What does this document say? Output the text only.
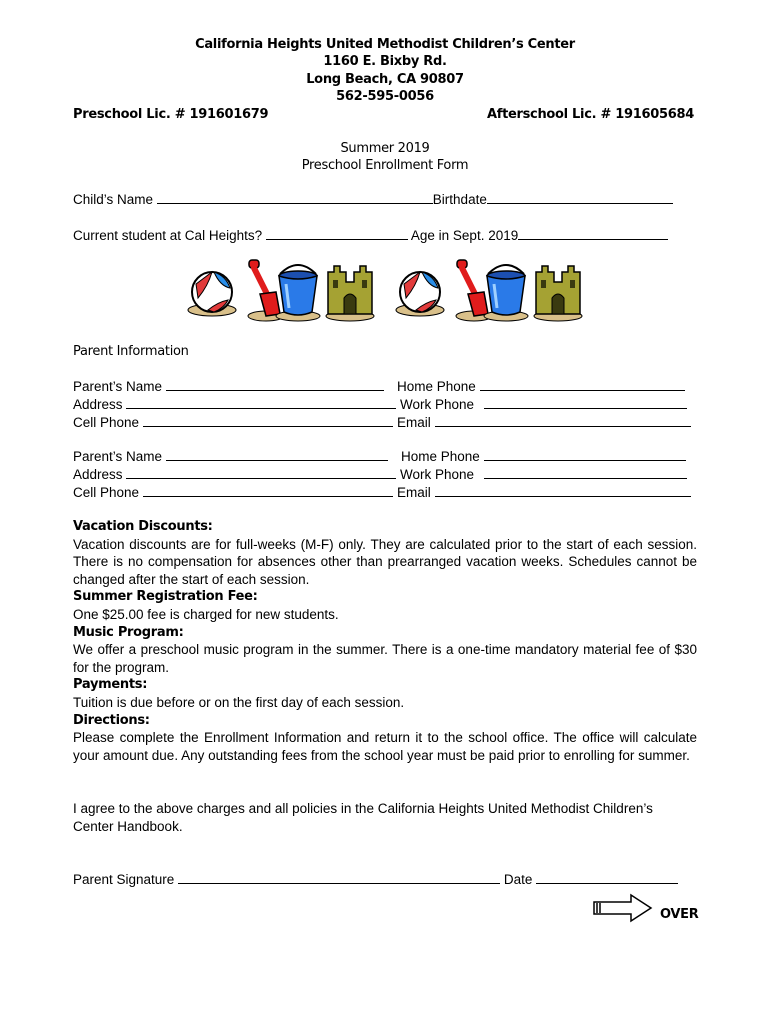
California Heights United Methodist Children’s Center
1160 E. Bixby Rd.
Long Beach, CA 90807
562-595-0056
Preschool Lic. # 191601679	Afterschool Lic. # 191605684
Summer 2019
Preschool Enrollment Form
Child’s Name	Birthdate
Current student at Cal Heights?	Age in Sept. 2019
Parent Information
Parent’s Name	Home Phone
Address	Work Phone
Cell Phone	Email
Parent’s Name	Home Phone
Address	Work Phone
Cell Phone	Email
Vacation Discounts:
Vacation discounts are for full-weeks (M-F) only. They are calculated prior to the start of each session. There is no compensation for absences other than prearranged vacation weeks. Schedules cannot be changed after the start of each session.
Summer Registration Fee:
One $25.00 fee is charged for new students.
Music Program:
We offer a preschool music program in the summer. There is a one-time mandatory material fee of $30 for the program.
Payments:
Tuition is due before or on the first day of each session.
Directions:
Please complete the Enrollment Information and return it to the school office. The office will calculate your amount due. Any outstanding fees from the school year must be paid prior to enrolling for summer.
I agree to the above charges and all policies in the California Heights United Methodist Children’s Center Handbook.
Parent Signature	Date
OVER
